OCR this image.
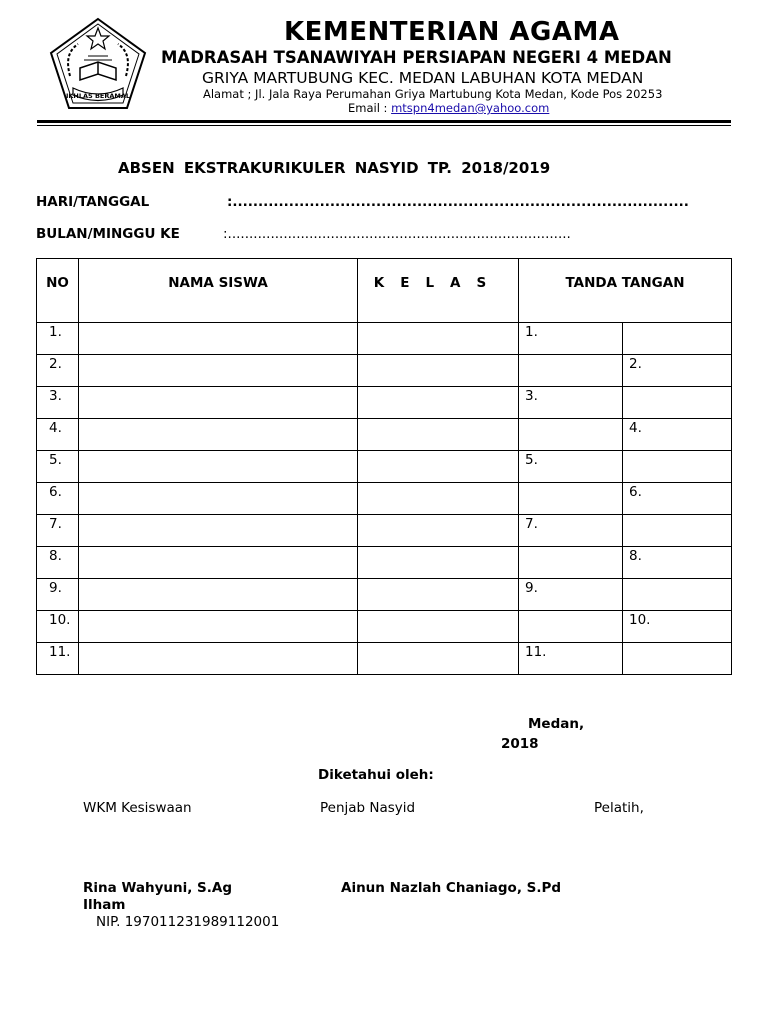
IKHLAS BERAMAL
KEMENTERIAN AGAMA
MADRASAH TSANAWIYAH PERSIAPAN NEGERI 4 MEDAN
GRIYA MARTUBUNG KEC. MEDAN LABUHAN KOTA MEDAN
Alamat ; Jl. Jala Raya Perumahan Griya Martubung Kota Medan, Kode Pos 20253
Email : mtspn4medan@yahoo.com
ABSEN EKSTRAKURIKULER NASYID TP. 2018/2019
HARI/TANGGAL	:.........................................................................................
BULAN/MINGGU KE	:................................................................................
NO	NAMA SISWA	KELAS	TANDA TANGAN	
1.			1.	
2.				2.
3.			3.	
4.				4.
5.			5.	
6.				6.
7.			7.	
8.				8.
9.			9.	
10.				10.
11.			11.	
Medan,
2018
Diketahui oleh:
WKM Kesiswaan	Penjab Nasyid	Pelatih,
Rina Wahyuni, S.Ag	Ainun Nazlah Chaniago, S.Pd
Ilham
NIP. 197011231989112001
